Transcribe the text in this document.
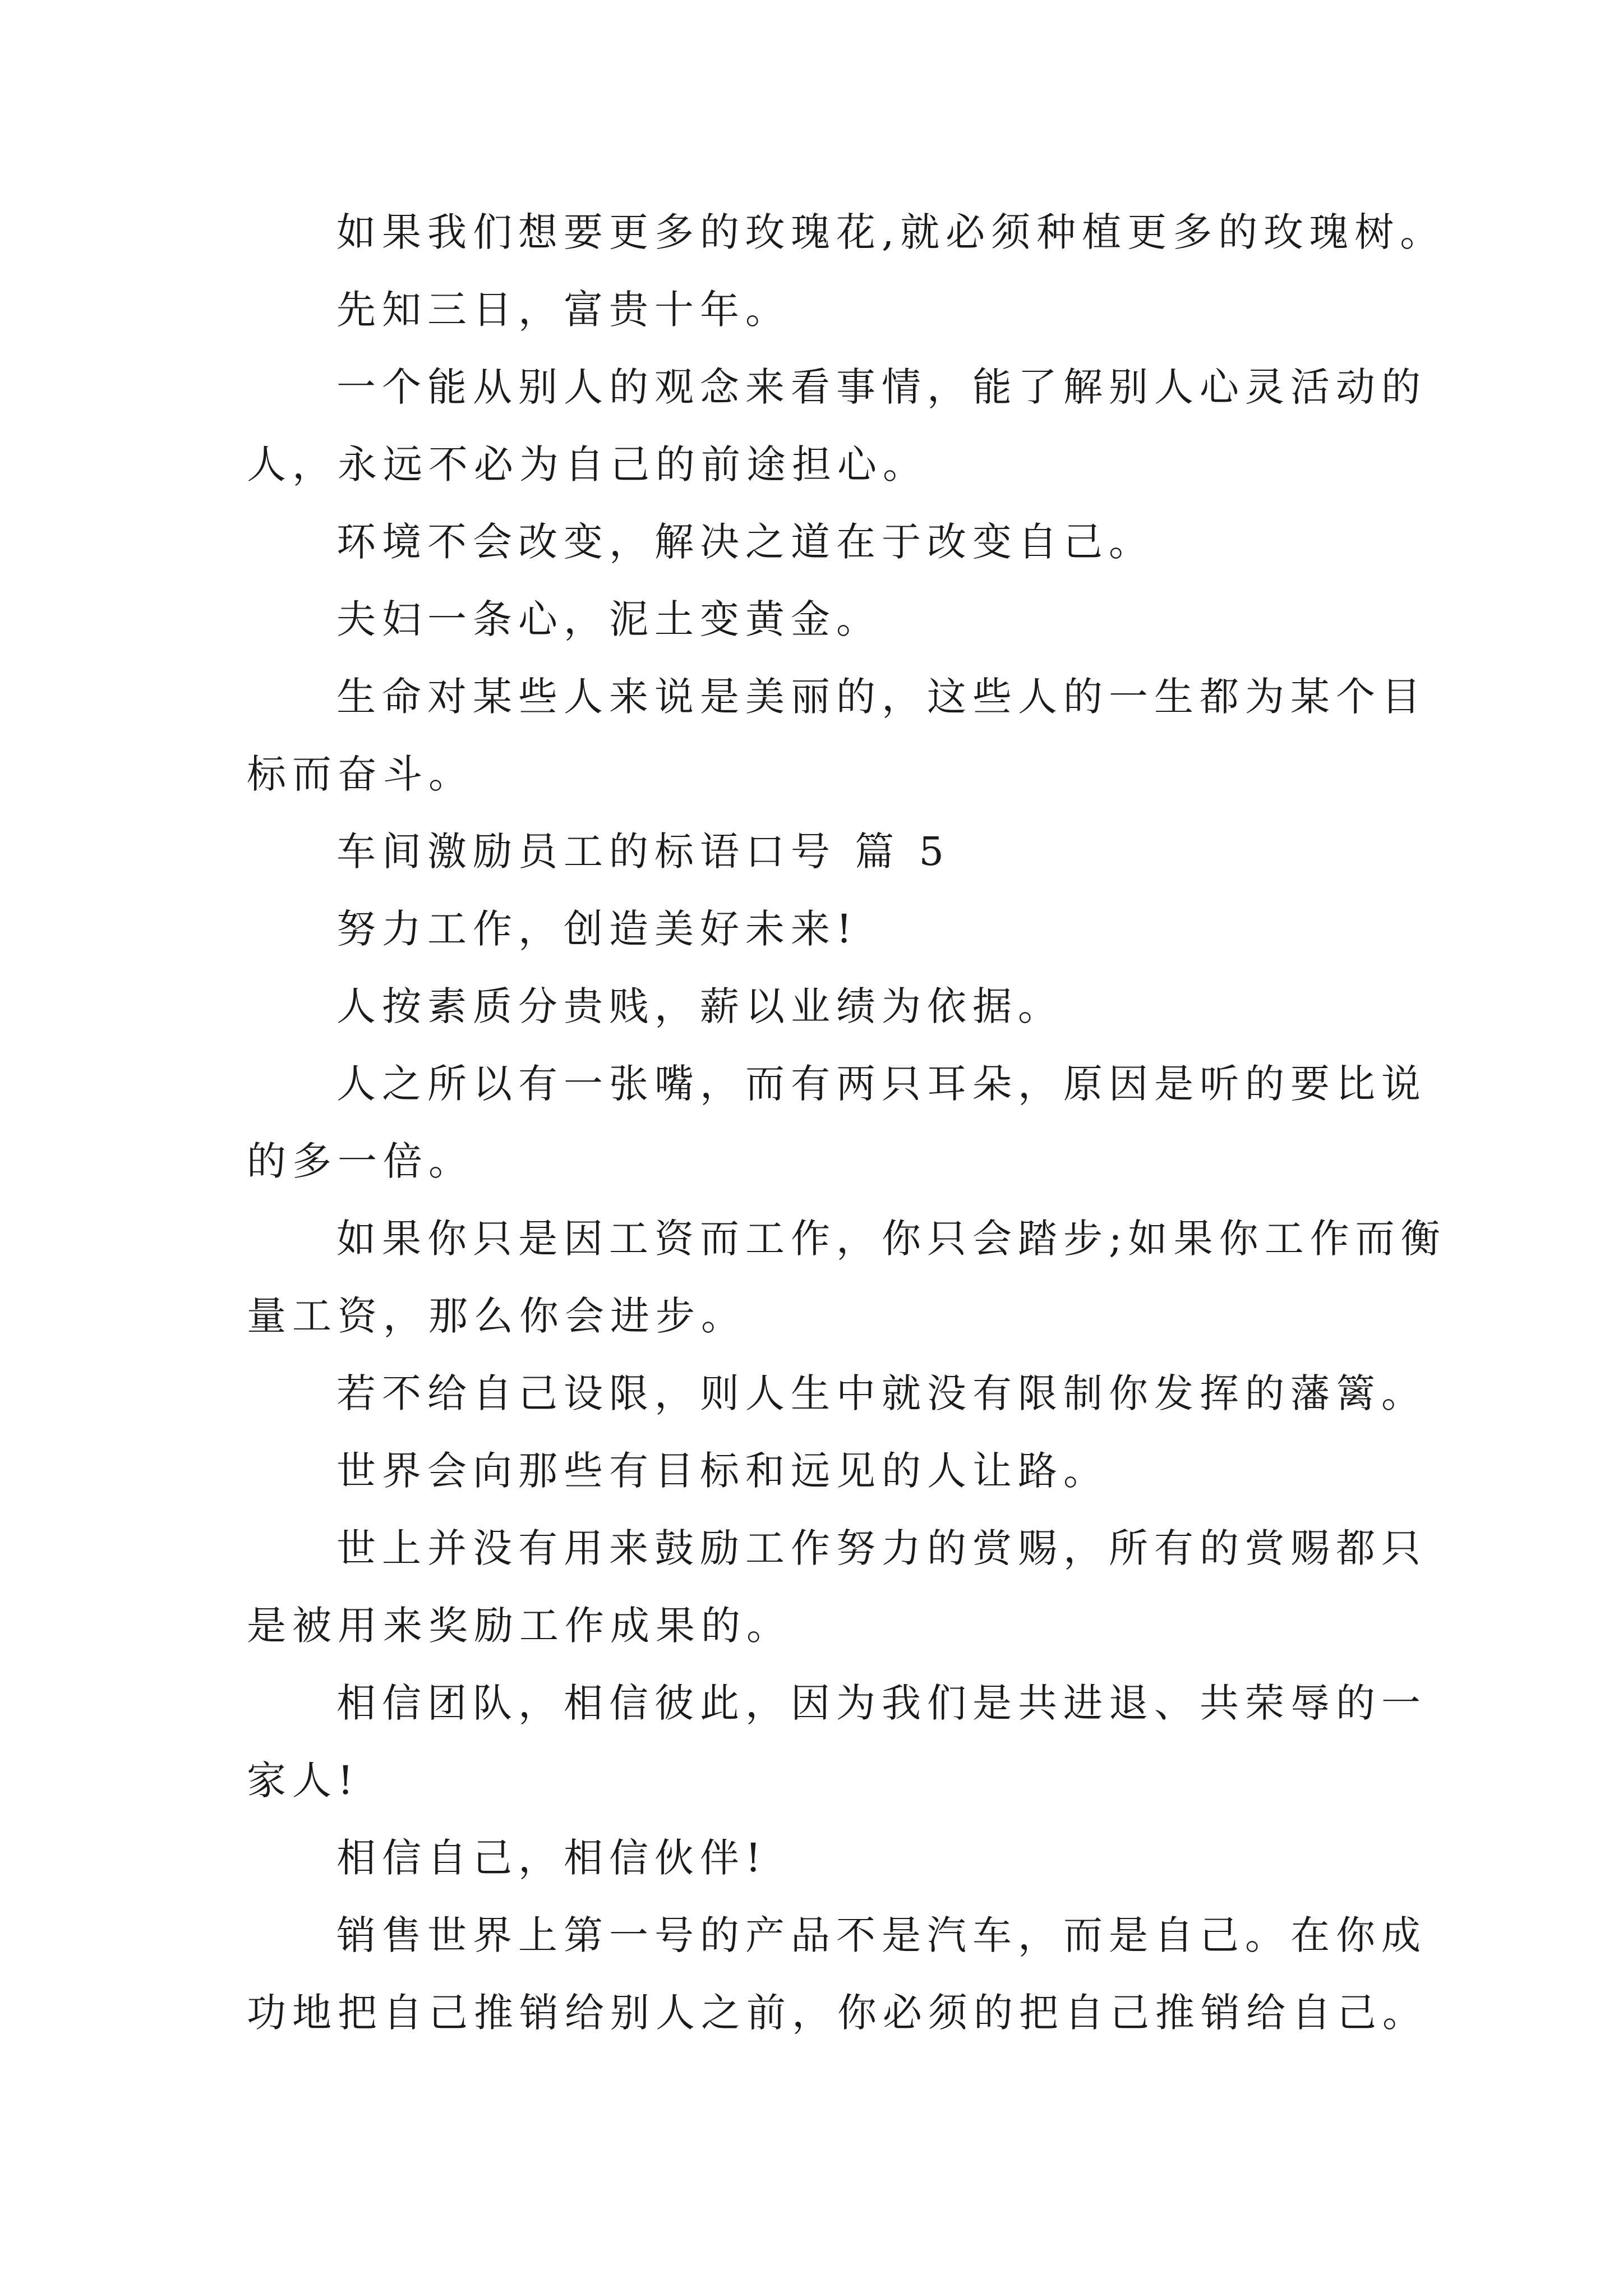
如果我们想要更多的玫瑰花,就必须种植更多的玫瑰树。

先知三日，富贵十年。

一个能从别人的观念来看事情，能了解别人心灵活动的人，永远不必为自己的前途担心。

环境不会改变，解决之道在于改变自己。

夫妇一条心，泥土变黄金。

生命对某些人来说是美丽的，这些人的一生都为某个目标而奋斗。

车间激励员工的标语口号 篇 5

努力工作，创造美好未来!

人按素质分贵贱，薪以业绩为依据。

人之所以有一张嘴，而有两只耳朵，原因是听的要比说的多一倍。

如果你只是因工资而工作，你只会踏步;如果你工作而衡量工资，那么你会进步。

若不给自己设限，则人生中就没有限制你发挥的藩篱。

世界会向那些有目标和远见的人让路。

世上并没有用来鼓励工作努力的赏赐，所有的赏赐都只是被用来奖励工作成果的。

相信团队，相信彼此，因为我们是共进退、共荣辱的一家人!

相信自己，相信伙伴!

销售世界上第一号的产品不是汽车，而是自己。在你成功地把自己推销给别人之前，你必须的把自己推销给自己。
